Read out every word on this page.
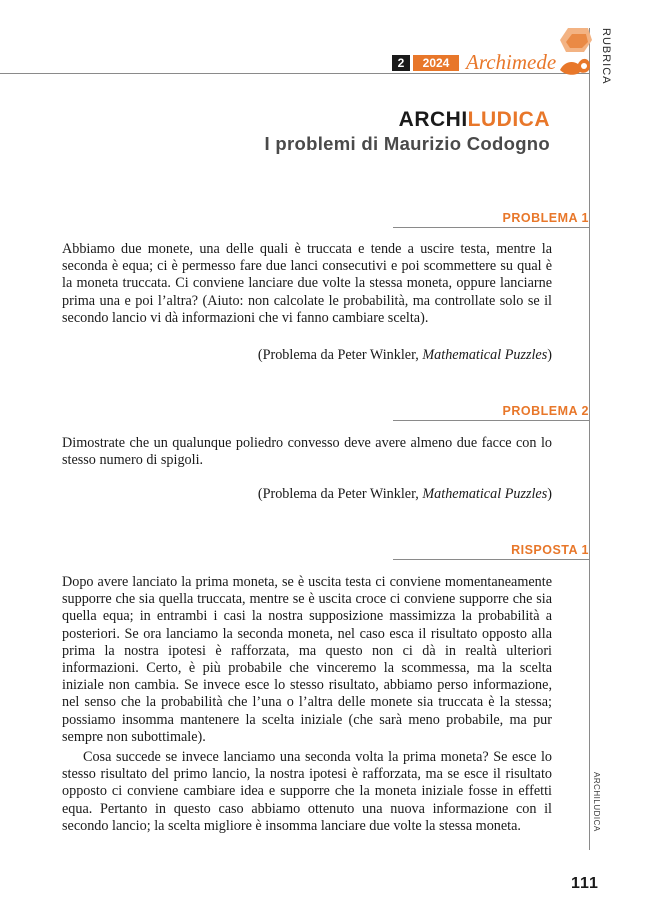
2	2024 Archimede	RUBRICA
ARCHILUDICA
I problemi di Maurizio Codogno
PROBLEMA 1

Abbiamo due monete, una delle quali è truccata e tende a uscire testa, mentre la seconda è equa; ci è permesso fare due lanci consecutivi e poi scommettere su qual è la moneta truccata. Ci conviene lanciare due volte la stessa moneta, oppure lanciarne prima una e poi l’altra? (Aiuto: non calcolate le probabilità, ma controllate solo se il secondo lancio vi dà informazioni che vi fanno cambiare scelta).

(Problema da Peter Winkler, Mathematical Puzzles)

PROBLEMA 2

Dimostrate che un qualunque poliedro convesso deve avere almeno due facce con lo stesso numero di spigoli.

(Problema da Peter Winkler, Mathematical Puzzles)

RISPOSTA 1

Dopo avere lanciato la prima moneta, se è uscita testa ci conviene momentaneamente supporre che sia quella truccata, mentre se è uscita croce ci conviene supporre che sia quella equa; in entrambi i casi la nostra supposizione massimizza la probabilità a posteriori. Se ora lanciamo la seconda moneta, nel caso esca il risultato opposto alla prima la nostra ipotesi è rafforzata, ma questo non ci dà in realtà ulteriori informazioni. Certo, è più probabile che vinceremo la scommessa, ma la scelta iniziale non cambia. Se invece esce lo stesso risultato, abbiamo perso informazione, nel senso che la probabilità che l’una o l’altra delle monete sia truccata è la stessa; possiamo insomma mantenere la scelta iniziale (che sarà meno probabile, ma pur sempre non subottimale).

Cosa succede se invece lanciamo una seconda volta la prima moneta? Se esce lo stesso risultato del primo lancio, la nostra ipotesi è rafforzata, ma se esce il risultato opposto ci conviene cambiare idea e supporre che la moneta iniziale fosse in effetti equa. Pertanto in questo caso abbiamo ottenuto una nuova informazione con il secondo lancio; la scelta migliore è insomma lanciare due volte la stessa moneta.	ARCHILUDICA
111
